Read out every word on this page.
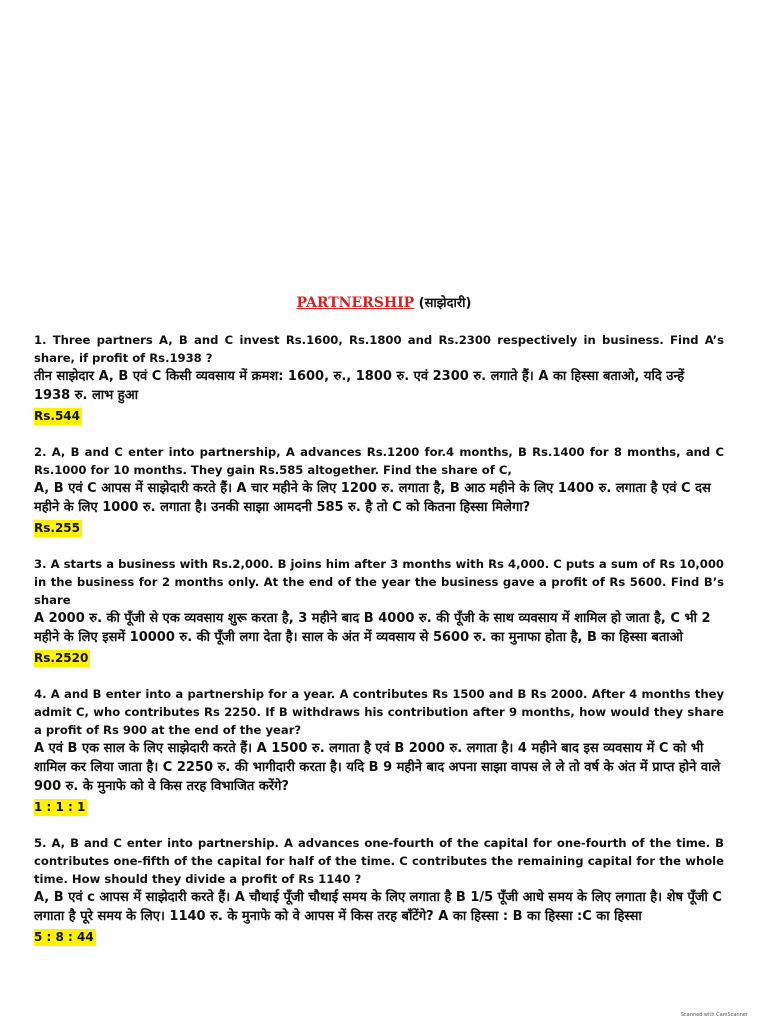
PARTNERSHIP (साझेदारी)

1. Three partners A, B and C invest Rs.1600, Rs.1800 and Rs.2300 respectively in business. Find A’s share, if profit of Rs.1938 ?

तीन साझेदार A, B एवं C किसी व्यवसाय में क्रमश: 1600, रु., 1800 रु. एवं 2300 रु. लगाते हैं। A का हिस्सा बताओ, यदि उन्हें 1938 रु. लाभ हुआ

Rs.544

2. A, B and C enter into partnership, A advances Rs.1200 for.4 months, B Rs.1400 for 8 months, and C Rs.1000 for 10 months. They gain Rs.585 altogether. Find the share of C,

A, B एवं C आपस में साझेदारी करते हैं। A चार महीने के लिए 1200 रु. लगाता है, B आठ महीने के लिए 1400 रु. लगाता है एवं C दस महीने के लिए 1000 रु. लगाता है। उनकी साझा आमदनी 585 रु. है तो C को कितना हिस्सा मिलेगा?

Rs.255

3. A starts a business with Rs.2,000. B joins him after 3 months with Rs 4,000. C puts a sum of Rs 10,000 in the business for 2 months only. At the end of the year the business gave a profit of Rs 5600. Find B’s share

A 2000 रु. की पूँजी से एक व्यवसाय शुरू करता है, 3 महीने बाद B 4000 रु. की पूँजी के साथ व्यवसाय में शामिल हो जाता है, C भी 2 महीने के लिए इसमें 10000 रु. की पूँजी लगा देता है। साल के अंत में व्यवसाय से 5600 रु. का मुनाफा होता है, B का हिस्सा बताओ

Rs.2520

4. A and B enter into a partnership for a year. A contributes Rs 1500 and B Rs 2000. After 4 months they admit C, who contributes Rs 2250. If B withdraws his contribution after 9 months, how would they share a profit of Rs 900 at the end of the year?

A एवं B एक साल के लिए साझेदारी करते हैं। A 1500 रु. लगाता है एवं B 2000 रु. लगाता है। 4 महीने बाद इस व्यवसाय में C को भी शामिल कर लिया जाता है। C 2250 रु. की भागीदारी करता है। यदि B 9 महीने बाद अपना साझा वापस ले ले तो वर्ष के अंत में प्राप्त होने वाले 900 रु. के मुनाफे को वे किस तरह विभाजित करेंगे?

1 : 1 : 1

5. A, B and C enter into partnership. A advances one-fourth of the capital for one-fourth of the time. B contributes one-fifth of the capital for half of the time. C contributes the remaining capital for the whole time. How should they divide a profit of Rs 1140 ?

A, B एवं c आपस में साझेदारी करते हैं। A चौथाई पूँजी चौथाई समय के लिए लगाता है B 1/5 पूँजी आधे समय के लिए लगाता है। शेष पूँजी C लगाता है पूरे समय के लिए। 1140 रु. के मुनाफे को वे आपस में किस तरह बाँटेंगे? A का हिस्सा : B का हिस्सा :C का हिस्सा

5 : 8 : 44
Scanned with CamScanner
